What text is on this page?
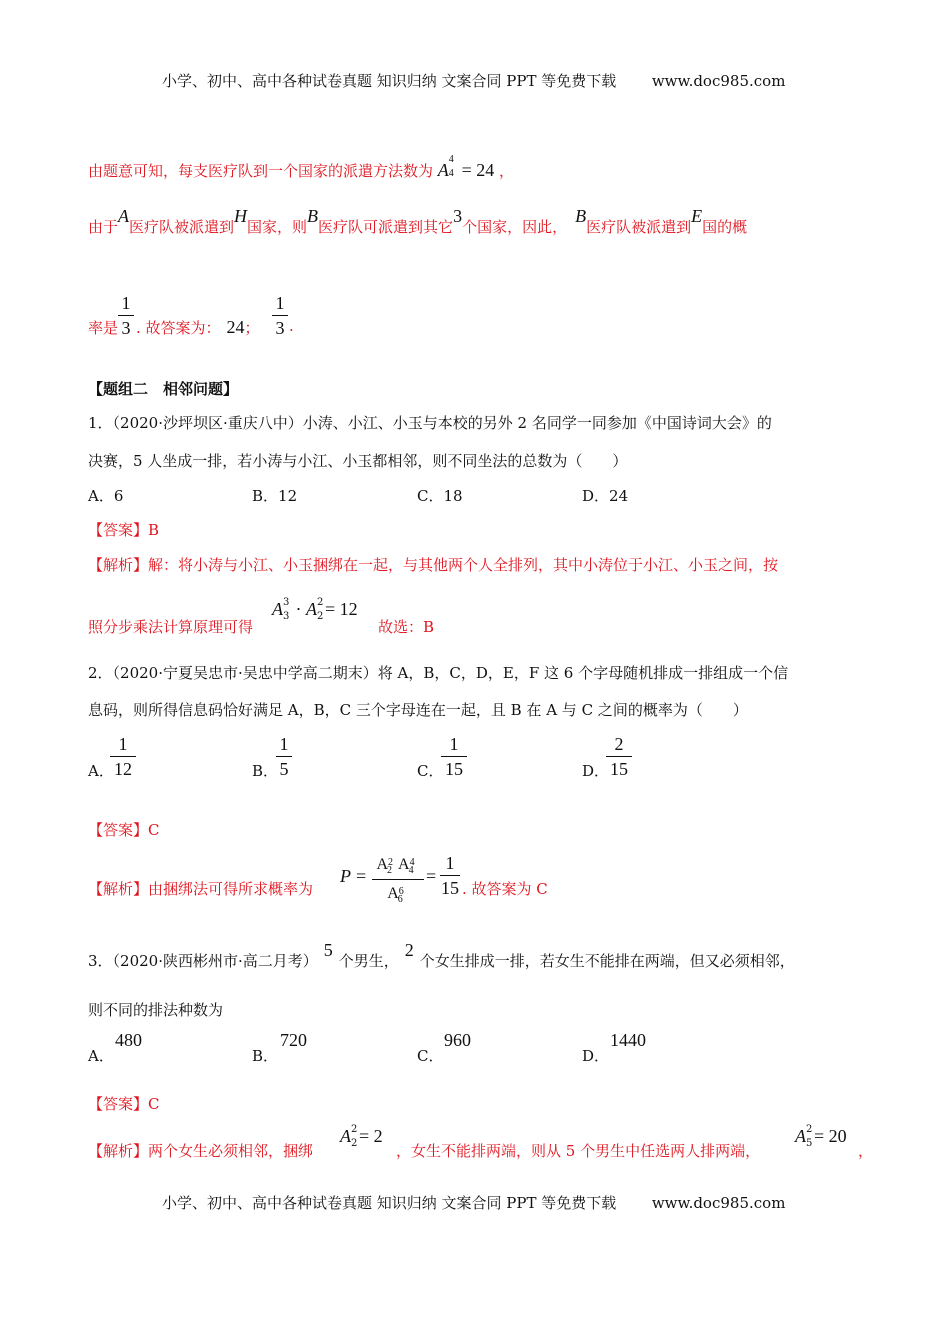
小学、初中、高中各种试卷真题 知识归纳 文案合同 PPT 等免费下载 www.doc985.com
由题意可知，每支医疗队到一个国家的派遣方法数为 A
4
4 = 24 ，
由于A医疗队被派遣到H国家，则B医疗队可派遣到其它3个国家，因此，B医疗队被派遣到E国的概
率是
1
3 . 故答案为： 24；
1
3 .
【题组二　相邻问题】
1．（2020·沙坪坝区·重庆八中）小涛、小江、小玉与本校的另外 2 名同学一同参加《中国诗词大会》的
决赛，5 人坐成一排，若小涛与小江、小玉都相邻，则不同坐法的总数为（　　）
A．6	B．12	C．18	D．24
【答案】B
【解析】解：将小涛与小江、小玉捆绑在一起，与其他两个人全排列，其中小涛位于小江、小玉之间，按
照分步乘法计算原理可得
A 3
3 · A 2
2 = 12
故选：B
2．（2020·宁夏吴忠市·吴忠中学高二期末）将 A，B，C，D，E，F 这 6 个字母随机排成一排组成一个信
息码，则所得信息码恰好满足 A，B，C 三个字母连在一起，且 B 在 A 与 C 之间的概率为（　　）
A．
1
12	B．
1
5	C．
1
15	D．
2
15
【答案】C
【解析】由捆绑法可得所求概率为
P =
$A^2_2$ $A^4_4$
$A^6_6$
=
1
15 . 故答案为 C
3．（2020·陕西彬州市·高二月考）5个男生，2个女生排成一排，若女生不能排在两端，但又必须相邻，
则不同的排法种数为
A．
480
B．
720
C．
960
D．
1440
【答案】C
【解析】两个女生必须相邻，捆绑
A 2
2 = 2
，女生不能排两端，则从 5 个男生中任选两人排两端，
A 2
5 = 20
，
小学、初中、高中各种试卷真题 知识归纳 文案合同 PPT 等免费下载 www.doc985.com
